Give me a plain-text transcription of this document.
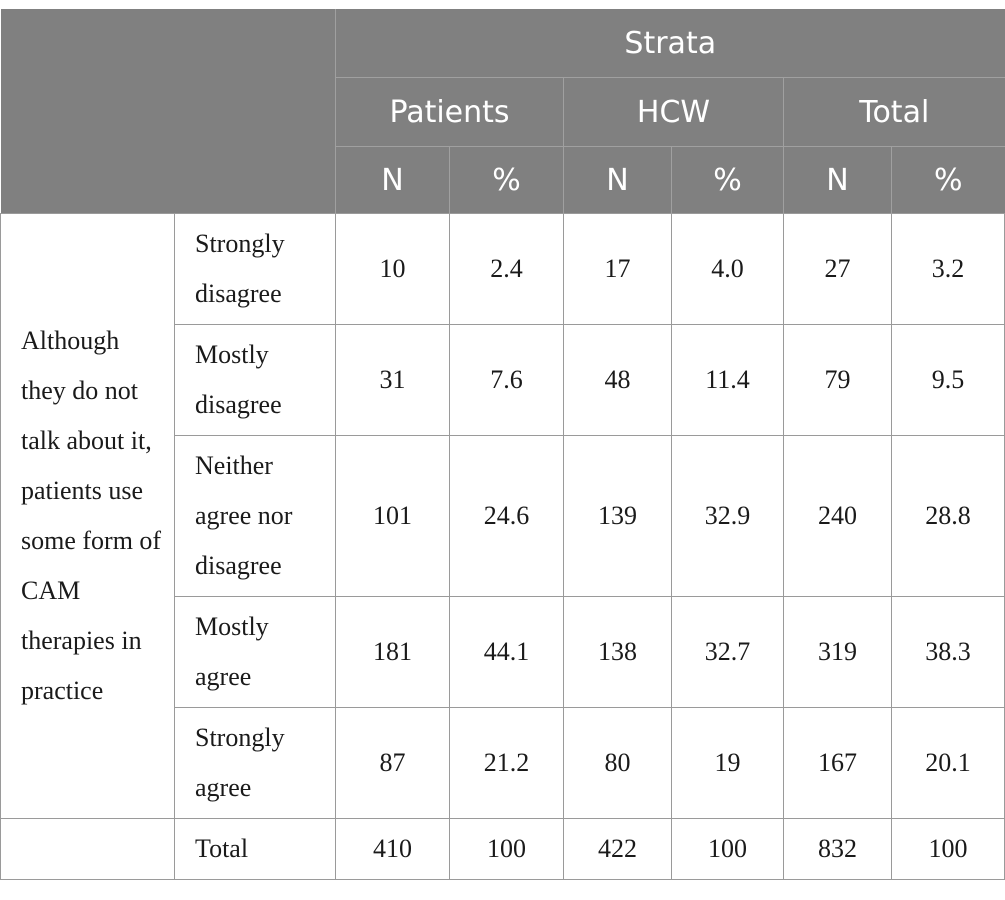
		Strata					
		Patients		HCW		Total	
		N	%	N	%	N	%
Although they do not talk about it, patients use some form of CAM therapies in practice	Strongly disagree	10	2.4	17	4.0	27	3.2
	Mostly disagree	31	7.6	48	11.4	79	9.5
	Neither agree nor disagree	101	24.6	139	32.9	240	28.8
	Mostly agree	181	44.1	138	32.7	319	38.3
	Strongly agree	87	21.2	80	19	167	20.1
	Total	410	100	422	100	832	100
